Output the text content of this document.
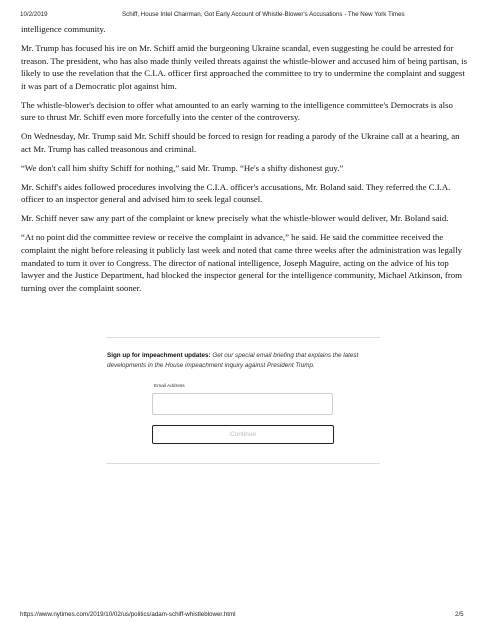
10/2/2019	Schiff, House Intel Chairman, Got Early Account of Whistle-Blower's Accusations - The New York Times

intelligence community.

Mr. Trump has focused his ire on Mr. Schiff amid the burgeoning Ukraine scandal, even suggesting he could be arrested for treason. The president, who has also made thinly veiled threats against the whistle-blower and accused him of being partisan, is likely to use the revelation that the C.I.A. officer first approached the committee to try to undermine the complaint and suggest it was part of a Democratic plot against him.

The whistle-blower's decision to offer what amounted to an early warning to the intelligence committee's Democrats is also sure to thrust Mr. Schiff even more forcefully into the center of the controversy.

On Wednesday, Mr. Trump said Mr. Schiff should be forced to resign for reading a parody of the Ukraine call at a hearing, an act Mr. Trump has called treasonous and criminal.

“We don't call him shifty Schiff for nothing,” said Mr. Trump. “He's a shifty dishonest guy.”

Mr. Schiff's aides followed procedures involving the C.I.A. officer's accusations, Mr. Boland said. They referred the C.I.A. officer to an inspector general and advised him to seek legal counsel.

Mr. Schiff never saw any part of the complaint or knew precisely what the whistle-blower would deliver, Mr. Boland said.

“At no point did the committee review or receive the complaint in advance,” he said. He said the committee received the complaint the night before releasing it publicly last week and noted that came three weeks after the administration was legally mandated to turn it over to Congress. The director of national intelligence, Joseph Maguire, acting on the advice of his top lawyer and the Justice Department, had blocked the inspector general for the intelligence community, Michael Atkinson, from turning over the complaint sooner.

Sign up for impeachment updates: Get our special email briefing that explains the latest developments in the House impeachment inquiry against President Trump.
Email Address
Continue
https://www.nytimes.com/2019/10/02/us/politics/adam-schiff-whistleblower.html	2/5
